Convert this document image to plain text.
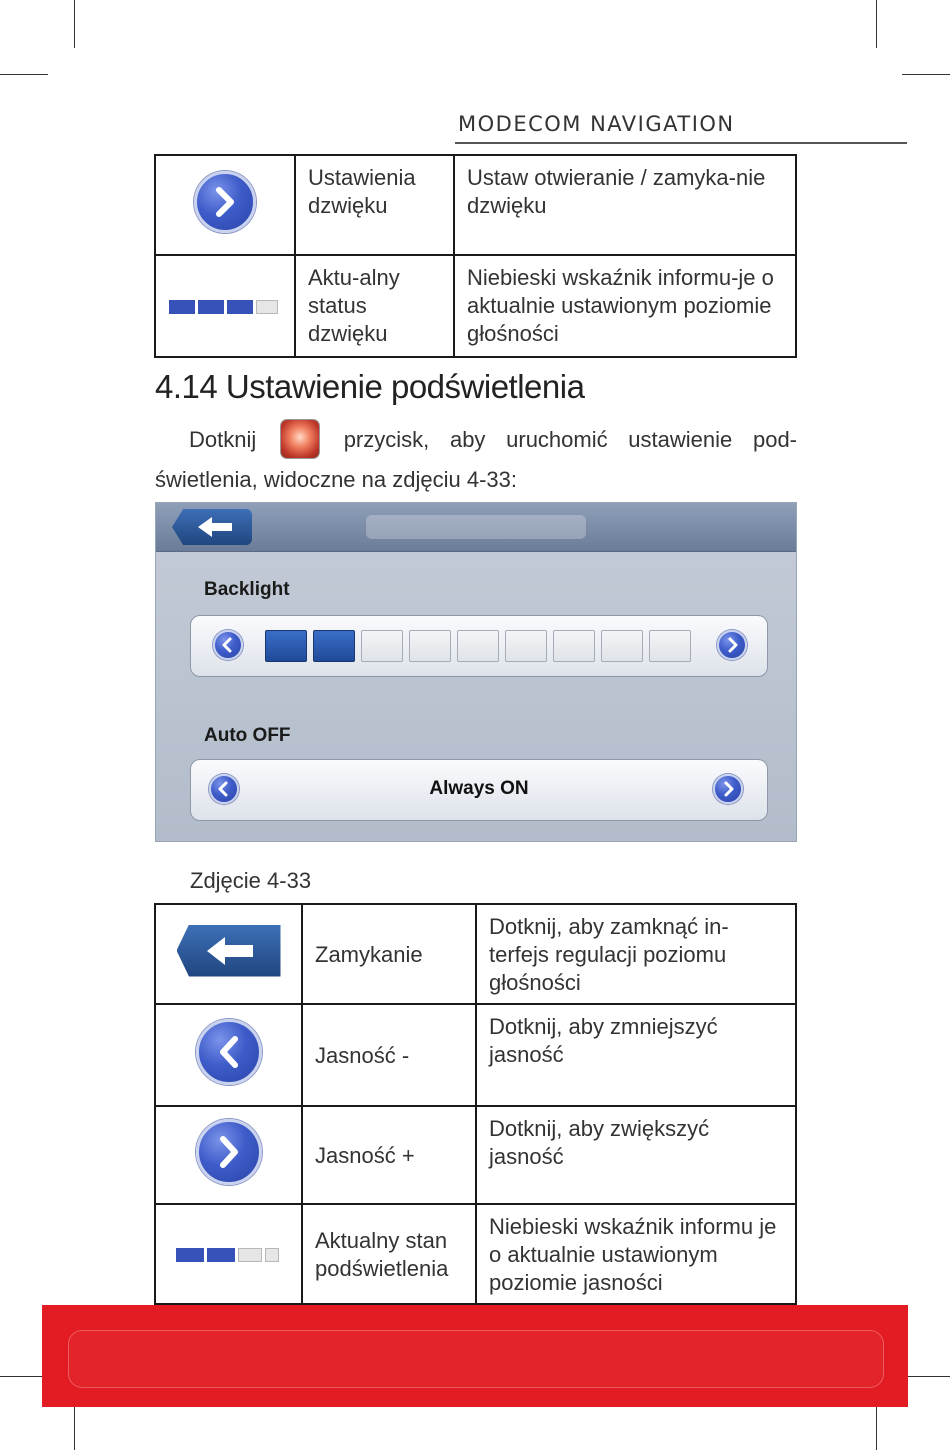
MODECOM NAVIGATION
	Ustawienia dzwięku	Ustaw otwieranie / zamyka-nie dzwięku
	Aktu-alny status dzwięku	Niebieski wskaźnik informu-je o aktualnie ustawionym poziomie głośności
4.14 Ustawienie podświetlenia
Dotknij	przycisk, aby uruchomić ustawienie pod-świetlenia, widoczne na zdjęciu 4-33:
Backlight
Auto OFF
Always ON
Zdjęcie 4-33
	Zamykanie	Dotknij, aby zamknąć in-terfejs regulacji poziomu głośności

	Jasność -	Dotknij, aby zmniejszyć jasność

	Jasność +	Dotknij, aby zwiększyć jasność
	Aktualny stan podświetlenia	Niebieski wskaźnik informu je o aktualnie ustawionym poziomie jasności
